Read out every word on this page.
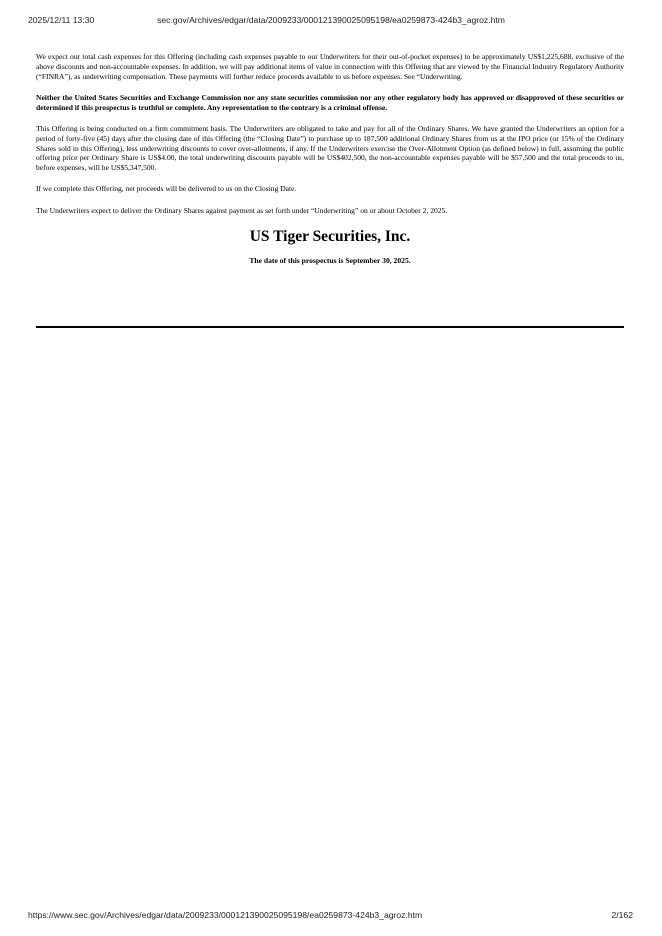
2025/12/11 13:30	sec.gov/Archives/edgar/data/2009233/000121390025095198/ea0259873-424b3_agroz.htm

We expect our total cash expenses for this Offering (including cash expenses payable to our Underwriters for their out-of-pocket expenses) to be approximately US$1,225,688, exclusive of the above discounts and non-accountable expenses. In addition, we will pay additional items of value in connection with this Offering that are viewed by the Financial Industry Regulatory Authority (“FINRA”), as underwriting compensation. These payments will further reduce proceeds available to us before expenses. See “Underwriting.

Neither the United States Securities and Exchange Commission nor any state securities commission nor any other regulatory body has approved or disapproved of these securities or determined if this prospectus is truthful or complete. Any representation to the contrary is a criminal offense.

This Offering is being conducted on a firm commitment basis. The Underwriters are obligated to take and pay for all of the Ordinary Shares. We have granted the Underwriters an option for a period of forty-five (45) days after the closing date of this Offering (the “Closing Date”) to purchase up to 187,500 additional Ordinary Shares from us at the IPO price (or 15% of the Ordinary Shares sold in this Offering), less underwriting discounts to cover over-allotments, if any. If the Underwriters exercise the Over-Allotment Option (as defined below) in full, assuming the public offering price per Ordinary Share is US$4.00, the total underwriting discounts payable will be US$402,500, the non-accountable expenses payable will be $57,500 and the total proceeds to us, before expenses, will be US$5,347,500.

If we complete this Offering, net proceeds will be delivered to us on the Closing Date.

The Underwriters expect to deliver the Ordinary Shares against payment as set forth under “Underwriting” on or about October 2, 2025.

US Tiger Securities, Inc.

The date of this prospectus is September 30, 2025.

https://www.sec.gov/Archives/edgar/data/2009233/000121390025095198/ea0259873-424b3_agroz.htm	2/162
